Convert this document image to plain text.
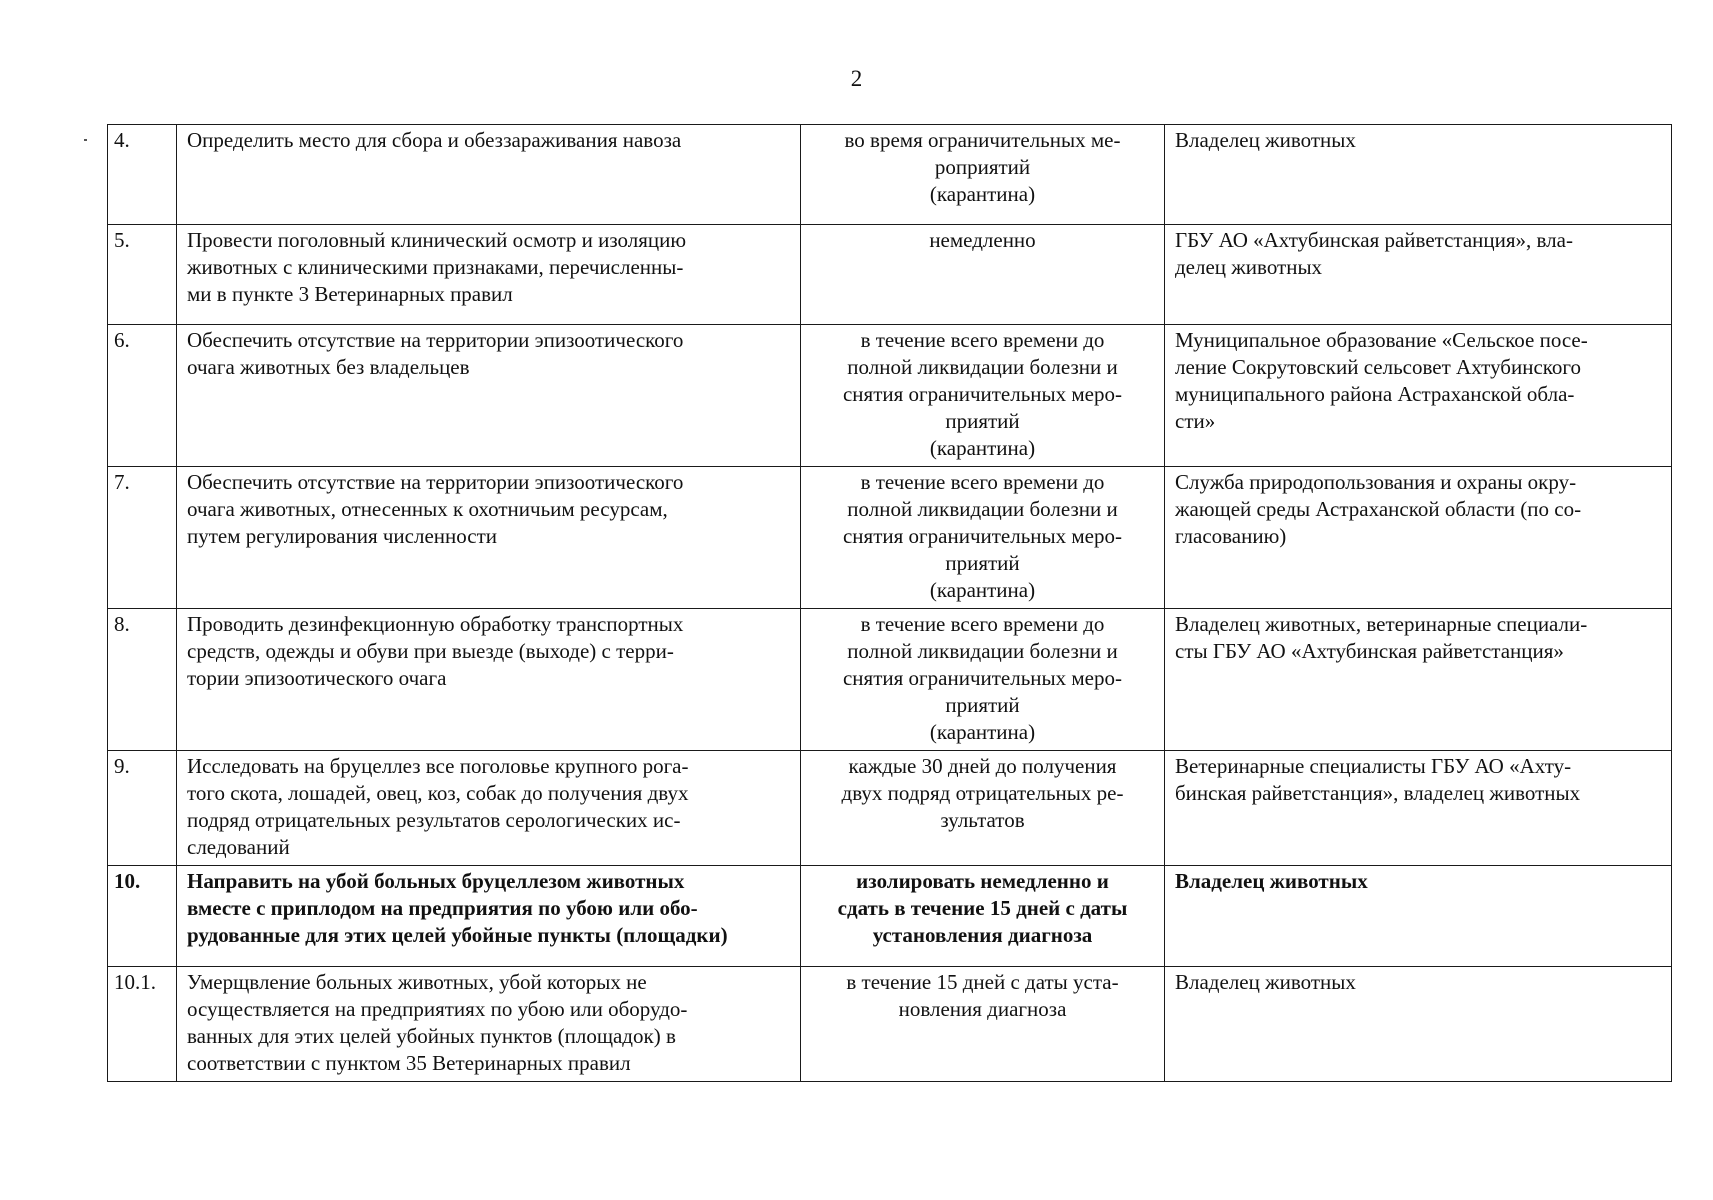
2
4.	Определить место для сбора и обеззараживания навоза	во время ограничительных ме-
роприятий
(карантина)	Владелец животных

5.	Провести поголовный клинический осмотр и изоляцию
животных с клиническими признаками, перечисленны-
ми в пункте 3 Ветеринарных правил	немедленно	ГБУ АО «Ахтубинская райветстанция», вла-
делец животных

6.	Обеспечить отсутствие на территории эпизоотического
очага животных без владельцев	в течение всего времени до
полной ликвидации болезни и
снятия ограничительных меро-
приятий
(карантина)	Муниципальное образование «Сельское посе-
ление Сокрутовский сельсовет Ахтубинского
муниципального района Астраханской обла-
сти»

7.	Обеспечить отсутствие на территории эпизоотического
очага животных, отнесенных к охотничьим ресурсам,
путем регулирования численности	в течение всего времени до
полной ликвидации болезни и
снятия ограничительных меро-
приятий
(карантина)	Служба природопользования и охраны окру-
жающей среды Астраханской области (по со-
гласованию)

8.	Проводить дезинфекционную обработку транспортных
средств, одежды и обуви при выезде (выходе) с терри-
тории эпизоотического очага	в течение всего времени до
полной ликвидации болезни и
снятия ограничительных меро-
приятий
(карантина)	Владелец животных, ветеринарные специали-
сты ГБУ АО «Ахтубинская райветстанция»

9.	Исследовать на бруцеллез все поголовье крупного рога-
того скота, лошадей, овец, коз, собак до получения двух
подряд отрицательных результатов серологических ис-
следований	каждые 30 дней до получения
двух подряд отрицательных ре-
зультатов	Ветеринарные специалисты ГБУ АО «Ахту-
бинская райветстанция», владелец животных

10.	Направить на убой больных бруцеллезом животных
вместе с приплодом на предприятия по убою или обо-
рудованные для этих целей убойные пункты (площадки)	изолировать немедленно и
сдать в течение 15 дней с даты
установления диагноза	Владелец животных

10.1.	Умерщвление больных животных, убой которых не
осуществляется на предприятиях по убою или оборудо-
ванных для этих целей убойных пунктов (площадок) в
соответствии с пунктом 35 Ветеринарных правил	в течение 15 дней с даты уста-
новления диагноза	Владелец животных
